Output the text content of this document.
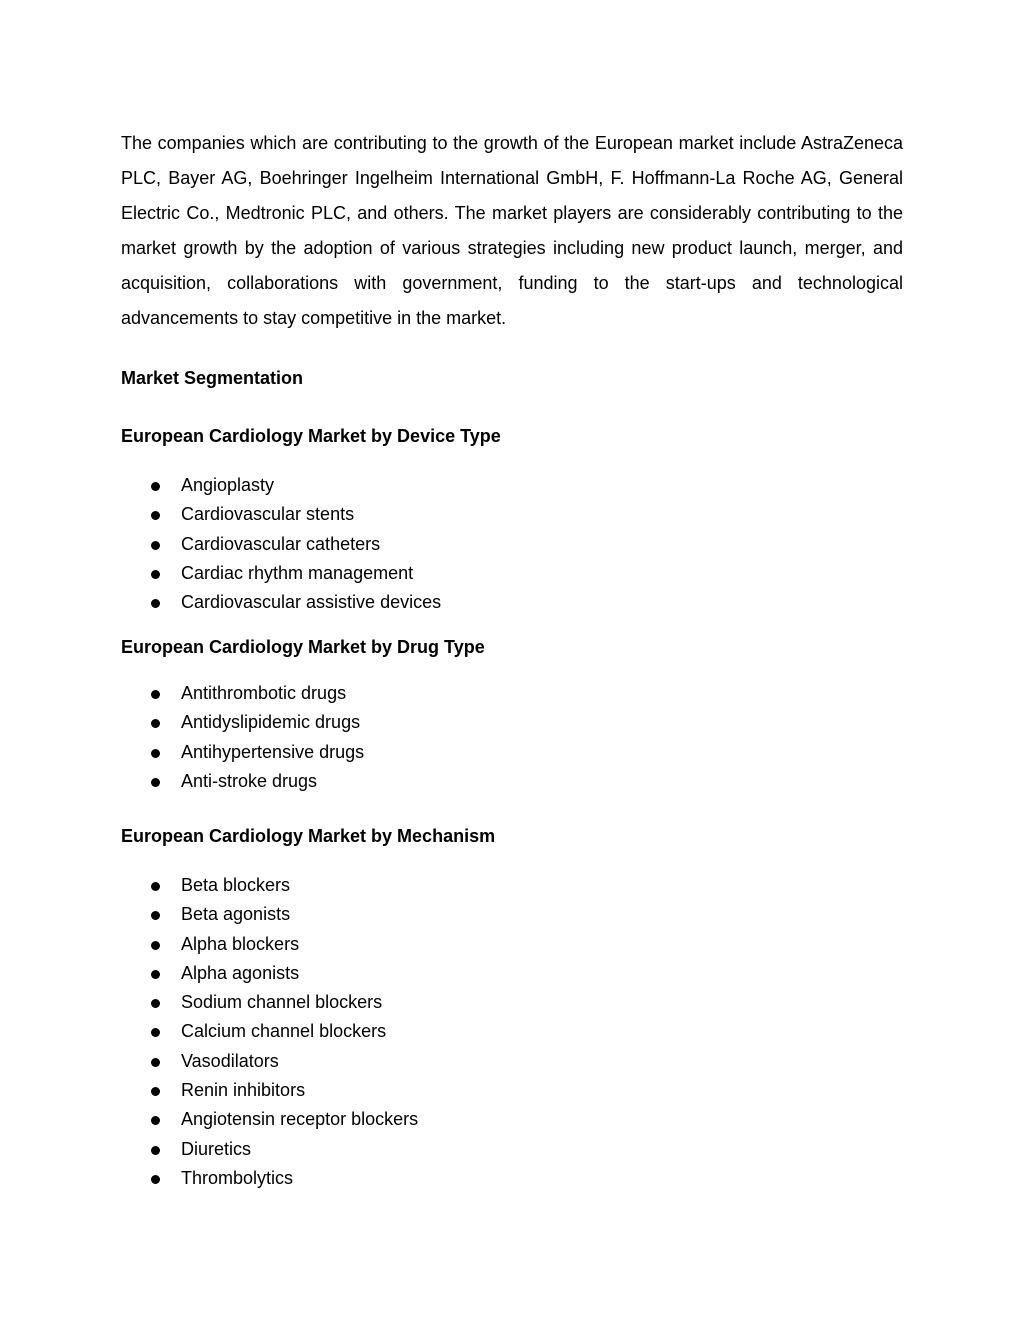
The companies which are contributing to the growth of the European market include AstraZeneca PLC, Bayer AG, Boehringer Ingelheim International GmbH, F. Hoffmann-La Roche AG, General Electric Co., Medtronic PLC, and others. The market players are considerably contributing to the market growth by the adoption of various strategies including new product launch, merger, and acquisition, collaborations with government, funding to the start-ups and technological advancements to stay competitive in the market.

Market Segmentation
European Cardiology Market by Device Type
Angioplasty
Cardiovascular stents
Cardiovascular catheters
Cardiac rhythm management
Cardiovascular assistive devices
European Cardiology Market by Drug Type
Antithrombotic drugs
Antidyslipidemic drugs
Antihypertensive drugs
Anti-stroke drugs
European Cardiology Market by Mechanism
Beta blockers
Beta agonists
Alpha blockers
Alpha agonists
Sodium channel blockers
Calcium channel blockers
Vasodilators
Renin inhibitors
Angiotensin receptor blockers
Diuretics
Thrombolytics
